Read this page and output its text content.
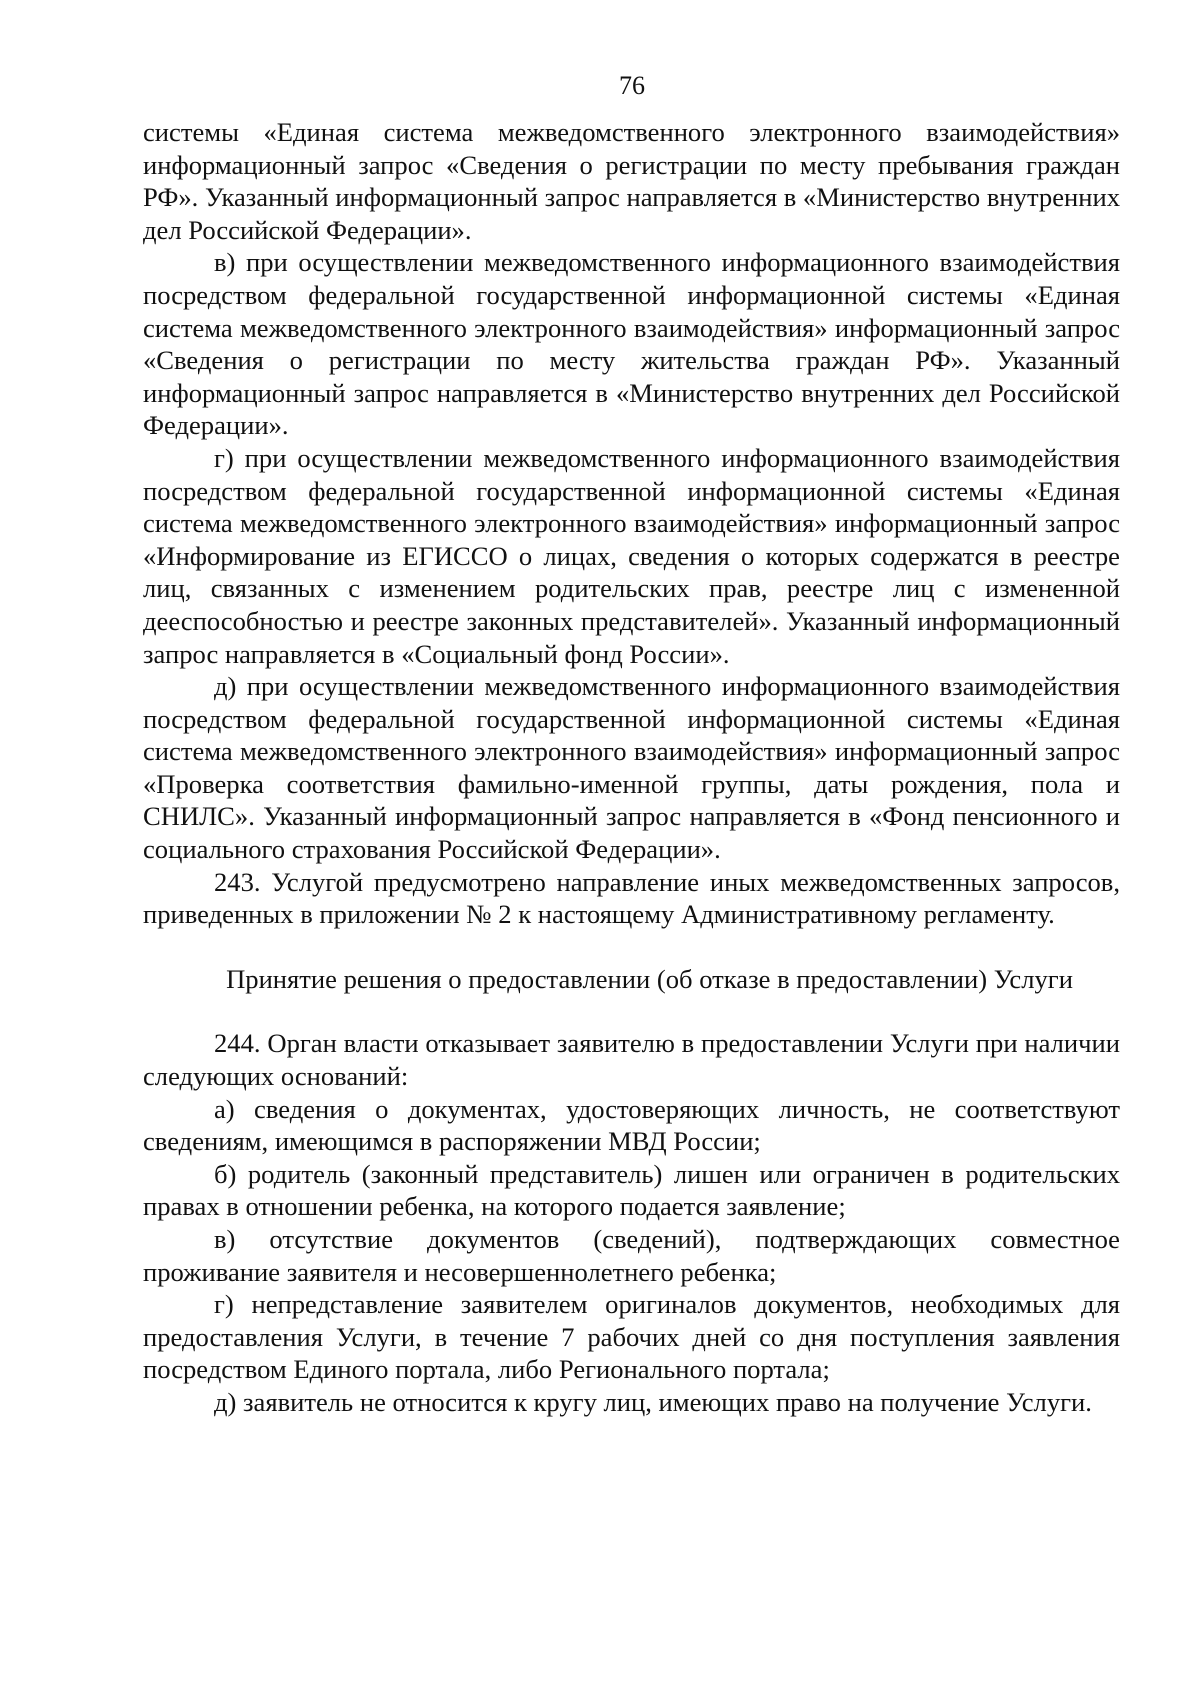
76

системы «Единая система межведомственного электронного взаимодействия» информационный запрос «Сведения о регистрации по месту пребывания граждан РФ». Указанный информационный запрос направляется в «Министерство внутренних дел Российской Федерации».

в) при осуществлении межведомственного информационного взаимодействия посредством федеральной государственной информационной системы «Единая система межведомственного электронного взаимодействия» информационный запрос «Сведения о регистрации по месту жительства граждан РФ». Указанный информационный запрос направляется в «Министерство внутренних дел Российской Федерации».

г) при осуществлении межведомственного информационного взаимодействия посредством федеральной государственной информационной системы «Единая система межведомственного электронного взаимодействия» информационный запрос «Информирование из ЕГИССО о лицах, сведения о которых содержатся в реестре лиц, связанных с изменением родительских прав, реестре лиц с измененной дееспособностью и реестре законных представителей». Указанный информационный запрос направляется в «Социальный фонд России».

д) при осуществлении межведомственного информационного взаимодействия посредством федеральной государственной информационной системы «Единая система межведомственного электронного взаимодействия» информационный запрос «Проверка соответствия фамильно-именной группы, даты рождения, пола и СНИЛС». Указанный информационный запрос направляется в «Фонд пенсионного и социального страхования Российской Федерации».

243. Услугой предусмотрено направление иных межведомственных запросов, приведенных в приложении № 2 к настоящему Административному регламенту.

Принятие решения о предоставлении (об отказе в предоставлении) Услуги

244. Орган власти отказывает заявителю в предоставлении Услуги при наличии следующих оснований:

а) сведения о документах, удостоверяющих личность, не соответствуют сведениям, имеющимся в распоряжении МВД России;

б) родитель (законный представитель) лишен или ограничен в родительских правах в отношении ребенка, на которого подается заявление;

в) отсутствие документов (сведений), подтверждающих совместное проживание заявителя и несовершеннолетнего ребенка;

г) непредставление заявителем оригиналов документов, необходимых для предоставления Услуги, в течение 7 рабочих дней со дня поступления заявления посредством Единого портала, либо Регионального портала;

д) заявитель не относится к кругу лиц, имеющих право на получение Услуги.
